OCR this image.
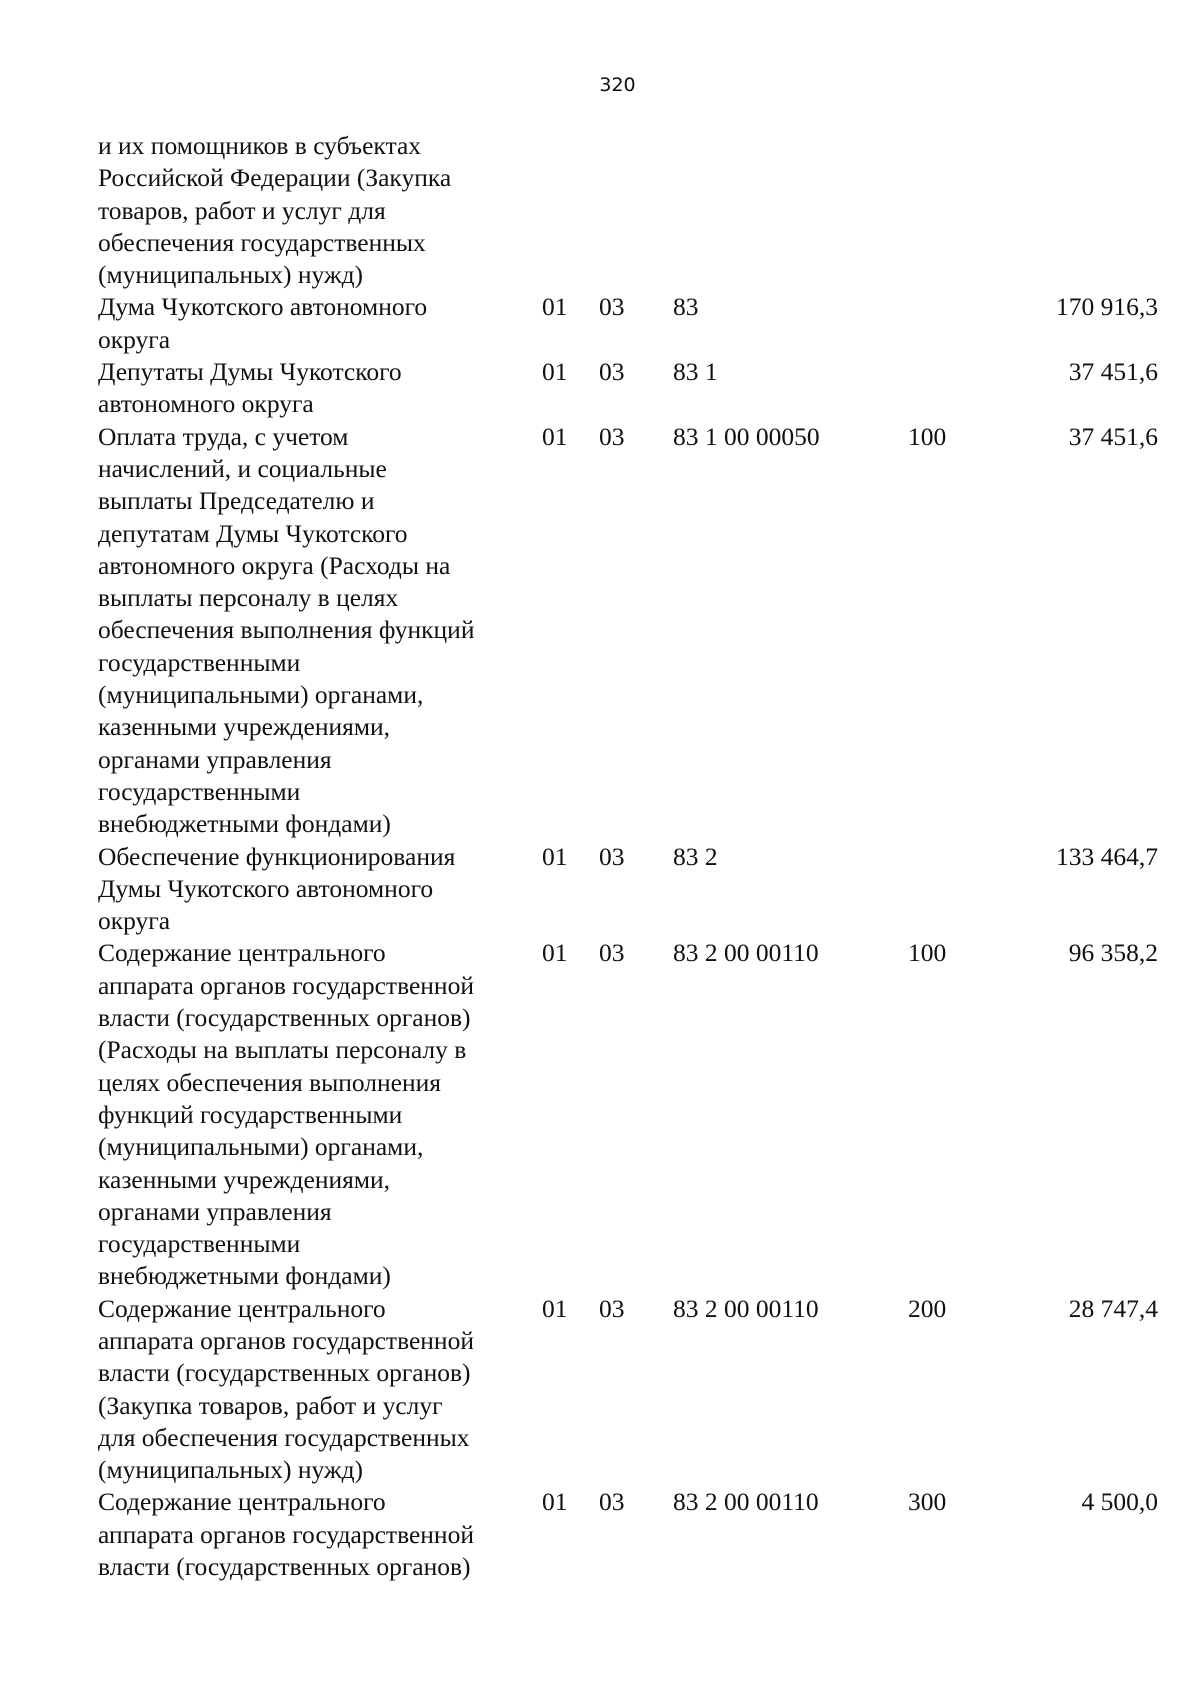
320
и их помощников в субъектах
Российской Федерации (Закупка
товаров, работ и услуг для
обеспечения государственных
(муниципальных) нужд)
Дума Чукотского автономного
округа
01	03	83	170 916,3
Депутаты Думы Чукотского
автономного округа
01	03	83 1	37 451,6
Оплата труда, с учетом
начислений, и социальные
выплаты Председателю и
депутатам Думы Чукотского
автономного округа (Расходы на
выплаты персоналу в целях
обеспечения выполнения функций
государственными
(муниципальными) органами,
казенными учреждениями,
органами управления
государственными
внебюджетными фондами)
01	03	83 1 00 00050	100	37 451,6
Обеспечение функционирования
Думы Чукотского автономного
округа
01	03	83 2	133 464,7
Содержание центрального
аппарата органов государственной
власти (государственных органов)
(Расходы на выплаты персоналу в
целях обеспечения выполнения
функций государственными
(муниципальными) органами,
казенными учреждениями,
органами управления
государственными
внебюджетными фондами)
01	03	83 2 00 00110	100	96 358,2
Содержание центрального
аппарата органов государственной
власти (государственных органов)
(Закупка товаров, работ и услуг
для обеспечения государственных
(муниципальных) нужд)
01	03	83 2 00 00110	200	28 747,4
Содержание центрального
аппарата органов государственной
власти (государственных органов)
01	03	83 2 00 00110	300	4 500,0
